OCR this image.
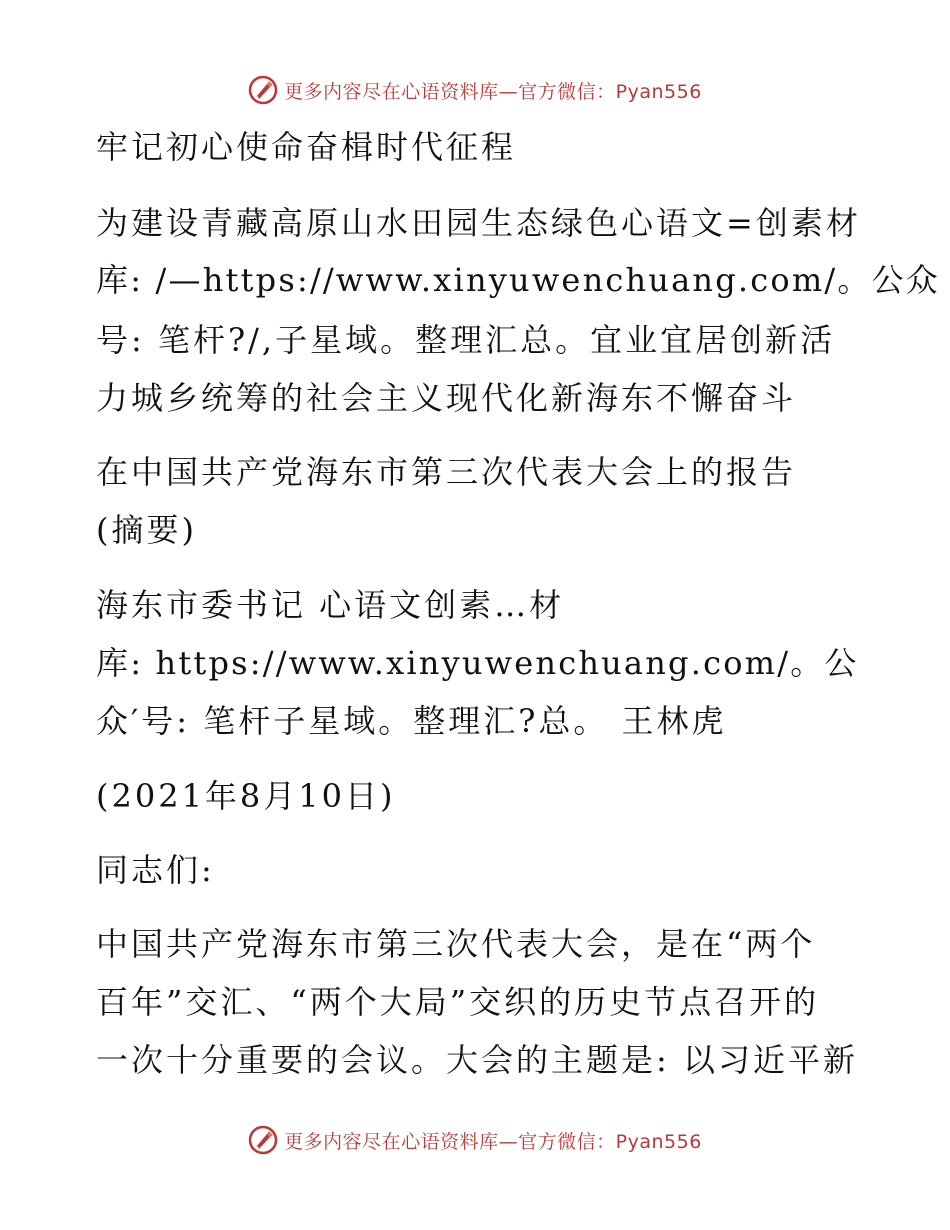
更多内容尽在心语资料库—官方微信：Pyan556
牢记初心使命奋楫时代征程
为建设青藏高原山水田园生态绿色心语文=创素材
库: /—https://www.xinyuwenchuang.com/。公众
号: 笔杆?/,子星域。整理汇总。宜业宜居创新活
力城乡统筹的社会主义现代化新海东不懈奋斗
在中国共产党海东市第三次代表大会上的报告
(摘要)
海东市委书记 心语文创素…材
库: https://www.xinyuwenchuang.com/。公
众′号: 笔杆子星域。整理汇?总。 王林虎
(2021年8月10日)
同志们:
中国共产党海东市第三次代表大会，是在“两个
百年”交汇、“两个大局”交织的历史节点召开的
一次十分重要的会议。大会的主题是: 以习近平新
更多内容尽在心语资料库—官方微信：Pyan556
